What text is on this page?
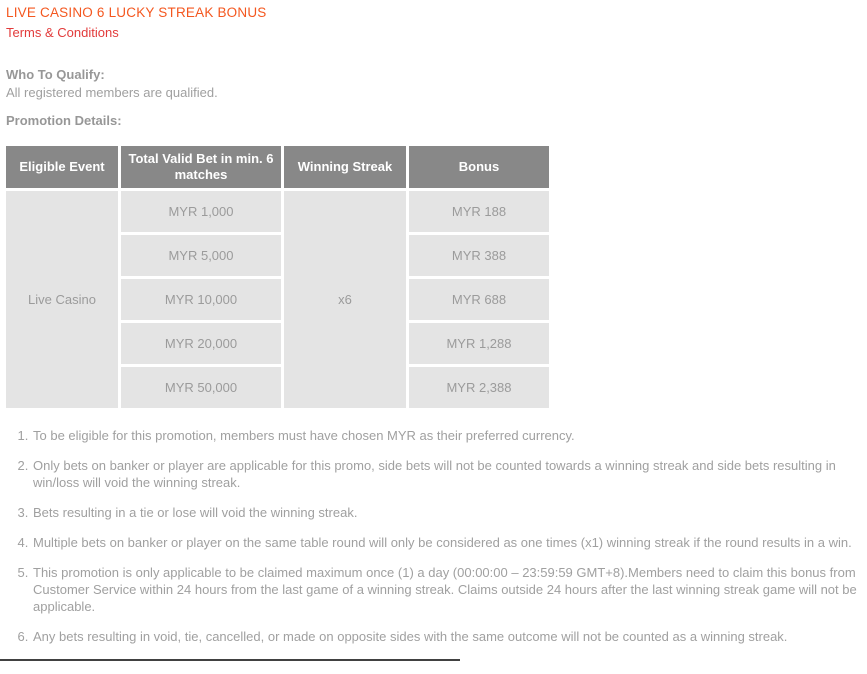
LIVE CASINO 6 LUCKY STREAK BONUS
Terms & Conditions
Who To Qualify:
All registered members are qualified.
Promotion Details:
Eligible Event	Total Valid Bet in min. 6 matches	Winning Streak	Bonus
Live Casino	MYR 1,000	x6	MYR 188
	MYR 5,000		MYR 388
	MYR 10,000		MYR 688
	MYR 20,000		MYR 1,288
	MYR 50,000		MYR 2,388
1. To be eligible for this promotion, members must have chosen MYR as their preferred currency.
2. Only bets on banker or player are applicable for this promo, side bets will not be counted towards a winning streak and side bets resulting in win/loss will void the winning streak.
3. Bets resulting in a tie or lose will void the winning streak.
4. Multiple bets on banker or player on the same table round will only be considered as one times (x1) winning streak if the round results in a win.
5. This promotion is only applicable to be claimed maximum once (1) a day (00:00:00 – 23:59:59 GMT+8).Members need to claim this bonus from Customer Service within 24 hours from the last game of a winning streak. Claims outside 24 hours after the last winning streak game will not be applicable.
6. Any bets resulting in void, tie, cancelled, or made on opposite sides with the same outcome will not be counted as a winning streak.
